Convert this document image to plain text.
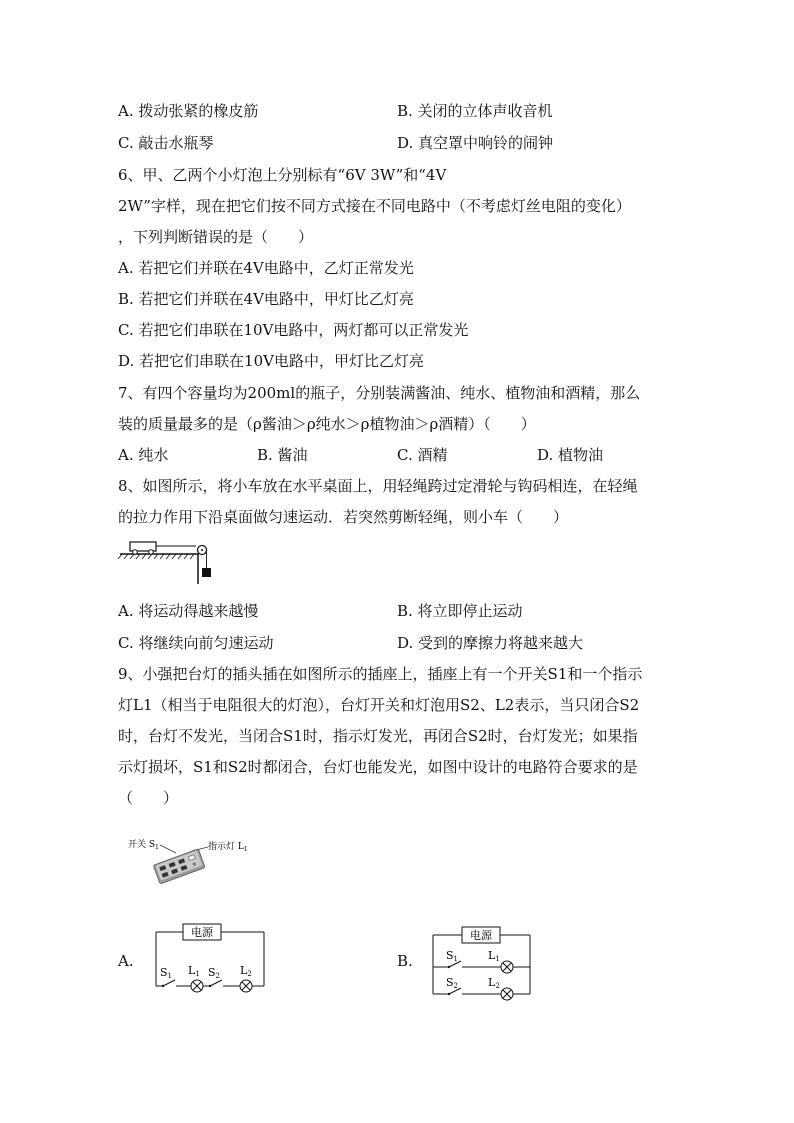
A. 拨动张紧的橡皮筋	B. 关闭的立体声收音机
C. 敲击水瓶琴	D. 真空罩中响铃的闹钟
6、甲、乙两个小灯泡上分别标有“6V 3W”和“4V
2W”字样，现在把它们按不同方式接在不同电路中（不考虑灯丝电阻的变化）
，下列判断错误的是（　　）
A. 若把它们并联在4V电路中，乙灯正常发光
B. 若把它们并联在4V电路中，甲灯比乙灯亮
C. 若把它们串联在10V电路中，两灯都可以正常发光
D. 若把它们串联在10V电路中，甲灯比乙灯亮
7、有四个容量均为200ml的瓶子，分别装满酱油、纯水、植物油和酒精，那么
装的质量最多的是（ρ酱油＞ρ纯水＞ρ植物油＞ρ酒精）（　　）
A. 纯水	B. 酱油	C. 酒精	D. 植物油
8、如图所示，将小车放在水平桌面上，用轻绳跨过定滑轮与钩码相连，在轻绳
的拉力作用下沿桌面做匀速运动．若突然剪断轻绳，则小车（　　）
A. 将运动得越来越慢	B. 将立即停止运动
C. 将继续向前匀速运动	D. 受到的摩擦力将越来越大
9、小强把台灯的插头插在如图所示的插座上，插座上有一个开关S1和一个指示
灯L1（相当于电阻很大的灯泡），台灯开关和灯泡用S2、L2表示，当只闭合S2
时，台灯不发光，当闭合S1时，指示灯发光，再闭合S2时，台灯发光；如果指
示灯损坏，S1和S2时都闭合，台灯也能发光，如图中设计的电路符合要求的是
（　　）
开关 $S_1$	指示灯 $L_1$
A.
电源
S1 L1 S2 L2
B.
电源
S1	L1
S2	L2
